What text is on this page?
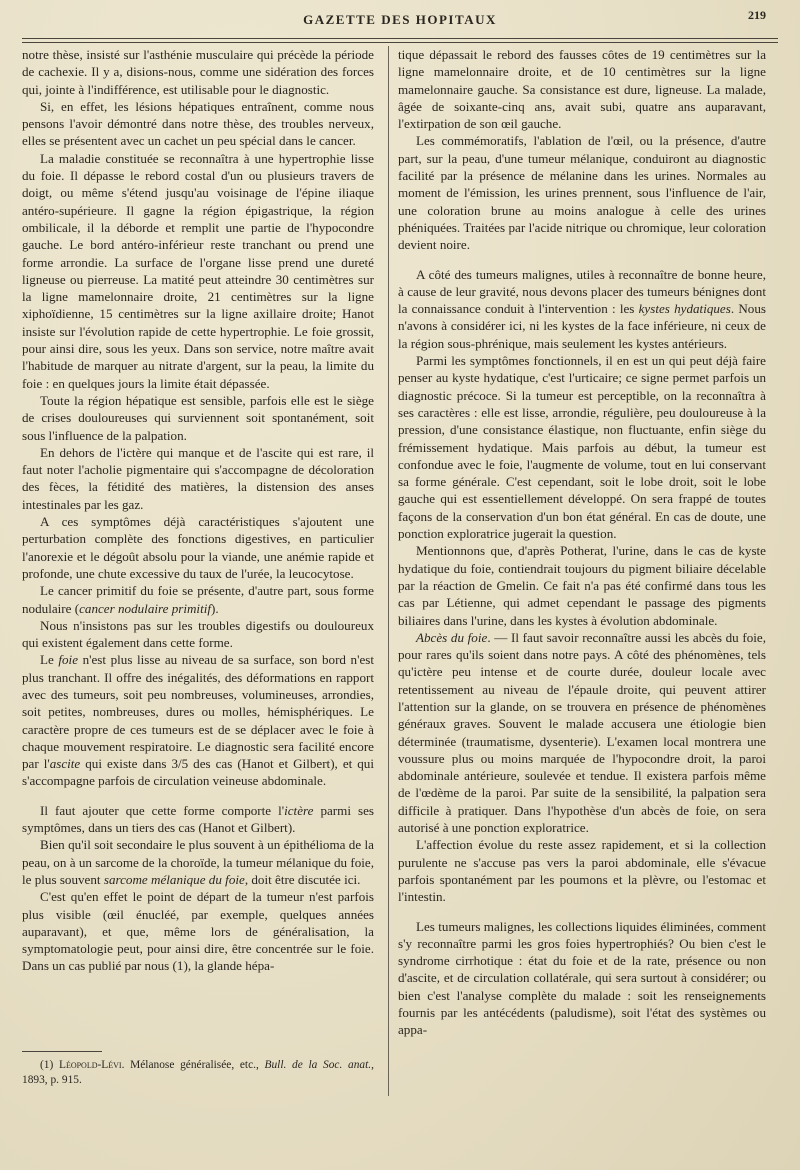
GAZETTE DES HOPITAUX	219

notre thèse, insisté sur l'asthénie musculaire qui précède la période de cachexie. Il y a, disions-nous, comme une sidération des forces qui, jointe à l'indifférence, est utilisable pour le diagnostic.

Si, en effet, les lésions hépatiques entraînent, comme nous pensons l'avoir démontré dans notre thèse, des troubles nerveux, elles se présentent avec un cachet un peu spécial dans le cancer.

La maladie constituée se reconnaîtra à une hypertrophie lisse du foie. Il dépasse le rebord costal d'un ou plusieurs travers de doigt, ou même s'étend jusqu'au voisinage de l'épine iliaque antéro-supérieure. Il gagne la région épigastrique, la région ombilicale, il la déborde et remplit une partie de l'hypocondre gauche. Le bord antéro-inférieur reste tranchant ou prend une forme arrondie. La surface de l'organe lisse prend une dureté ligneuse ou pierreuse. La matité peut atteindre 30 centimètres sur la ligne mamelonnaire droite, 21 centimètres sur la ligne xiphoïdienne, 15 centimètres sur la ligne axillaire droite; Hanot insiste sur l'évolution rapide de cette hypertrophie. Le foie grossit, pour ainsi dire, sous les yeux. Dans son service, notre maître avait l'habitude de marquer au nitrate d'argent, sur la peau, la limite du foie : en quelques jours la limite était dépassée.

Toute la région hépatique est sensible, parfois elle est le siège de crises douloureuses qui surviennent soit spontanément, soit sous l'influence de la palpation.

En dehors de l'ictère qui manque et de l'ascite qui est rare, il faut noter l'acholie pigmentaire qui s'accompagne de décoloration des fèces, la fétidité des matières, la distension des anses intestinales par les gaz.

A ces symptômes déjà caractéristiques s'ajoutent une perturbation complète des fonctions digestives, en particulier l'anorexie et le dégoût absolu pour la viande, une anémie rapide et profonde, une chute excessive du taux de l'urée, la leucocytose.

Le cancer primitif du foie se présente, d'autre part, sous forme nodulaire (cancer nodulaire primitif).

Nous n'insistons pas sur les troubles digestifs ou douloureux qui existent également dans cette forme.

Le foie n'est plus lisse au niveau de sa surface, son bord n'est plus tranchant. Il offre des inégalités, des déformations en rapport avec des tumeurs, soit peu nombreuses, volumineuses, arrondies, soit petites, nombreuses, dures ou molles, hémisphériques. Le caractère propre de ces tumeurs est de se déplacer avec le foie à chaque mouvement respiratoire. Le diagnostic sera facilité encore par l'ascite qui existe dans 3/5 des cas (Hanot et Gilbert), et qui s'accompagne parfois de circulation veineuse abdominale.

Il faut ajouter que cette forme comporte l'ictère parmi ses symptômes, dans un tiers des cas (Hanot et Gilbert).

Bien qu'il soit secondaire le plus souvent à un épithélioma de la peau, on à un sarcome de la choroïde, la tumeur mélanique du foie, le plus souvent sarcome mélanique du foie, doit être discutée ici.

C'est qu'en effet le point de départ de la tumeur n'est parfois plus visible (œil énucléé, par exemple, quelques années auparavant), et que, même lors de généralisation, la symptomatologie peut, pour ainsi dire, être concentrée sur le foie. Dans un cas publié par nous (1), la glande hépa-

(1) Léopold-Lévi. Mélanose généralisée, etc., Bull. de la Soc. anat., 1893, p. 915.

tique dépassait le rebord des fausses côtes de 19 centimètres sur la ligne mamelonnaire droite, et de 10 centimètres sur la ligne mamelonnaire gauche. Sa consistance est dure, ligneuse. La malade, âgée de soixante-cinq ans, avait subi, quatre ans auparavant, l'extirpation de son œil gauche.

Les commémoratifs, l'ablation de l'œil, ou la présence, d'autre part, sur la peau, d'une tumeur mélanique, conduiront au diagnostic facilité par la présence de mélanine dans les urines. Normales au moment de l'émission, les urines prennent, sous l'influence de l'air, une coloration brune au moins analogue à celle des urines phéniquées. Traitées par l'acide nitrique ou chromique, leur coloration devient noire.

A côté des tumeurs malignes, utiles à reconnaître de bonne heure, à cause de leur gravité, nous devons placer des tumeurs bénignes dont la connaissance conduit à l'intervention : les kystes hydatiques. Nous n'avons à considérer ici, ni les kystes de la face inférieure, ni ceux de la région sous-phrénique, mais seulement les kystes antérieurs.

Parmi les symptômes fonctionnels, il en est un qui peut déjà faire penser au kyste hydatique, c'est l'urticaire; ce signe permet parfois un diagnostic précoce. Si la tumeur est perceptible, on la reconnaîtra à ses caractères : elle est lisse, arrondie, régulière, peu douloureuse à la pression, d'une consistance élastique, non fluctuante, enfin siège du frémissement hydatique. Mais parfois au début, la tumeur est confondue avec le foie, l'augmente de volume, tout en lui conservant sa forme générale. C'est cependant, soit le lobe droit, soit le lobe gauche qui est essentiellement développé. On sera frappé de toutes façons de la conservation d'un bon état général. En cas de doute, une ponction exploratrice jugerait la question.

Mentionnons que, d'après Potherat, l'urine, dans le cas de kyste hydatique du foie, contiendrait toujours du pigment biliaire décelable par la réaction de Gmelin. Ce fait n'a pas été confirmé dans tous les cas par Létienne, qui admet cependant le passage des pigments biliaires dans l'urine, dans les kystes à évolution abdominale.

Abcès du foie. — Il faut savoir reconnaître aussi les abcès du foie, pour rares qu'ils soient dans notre pays. A côté des phénomènes, tels qu'ictère peu intense et de courte durée, douleur locale avec retentissement au niveau de l'épaule droite, qui peuvent attirer l'attention sur la glande, on se trouvera en présence de phénomènes généraux graves. Souvent le malade accusera une étiologie bien déterminée (traumatisme, dysenterie). L'examen local montrera une voussure plus ou moins marquée de l'hypocondre droit, la paroi abdominale antérieure, soulevée et tendue. Il existera parfois même de l'œdème de la paroi. Par suite de la sensibilité, la palpation sera difficile à pratiquer. Dans l'hypothèse d'un abcès de foie, on sera autorisé à une ponction exploratrice.

L'affection évolue du reste assez rapidement, et si la collection purulente ne s'accuse pas vers la paroi abdominale, elle s'évacue parfois spontanément par les poumons et la plèvre, ou l'estomac et l'intestin.

Les tumeurs malignes, les collections liquides éliminées, comment s'y reconnaître parmi les gros foies hypertrophiés? Ou bien c'est le syndrome cirrhotique : état du foie et de la rate, présence ou non d'ascite, et de circulation collatérale, qui sera surtout à considérer; ou bien c'est l'analyse complète du malade : soit les renseignements fournis par les antécédents (paludisme), soit l'état des systèmes ou appa-
